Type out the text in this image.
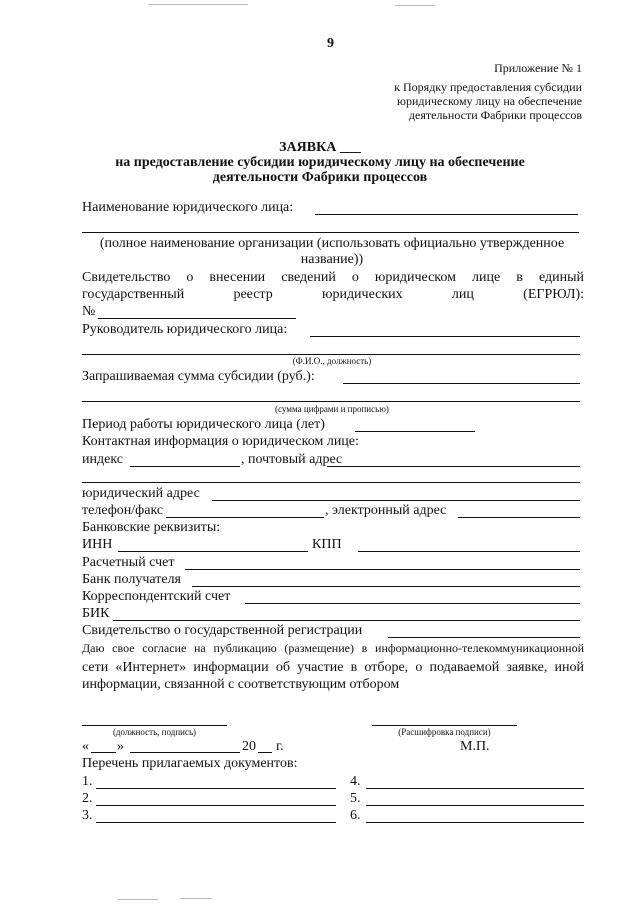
9
Приложение № 1
к Порядку предоставления субсидии
юридическому лицу на обеспечение
деятельности Фабрики процессов
ЗАЯВКА ___
на предоставление субсидии юридическому лицу на обеспечение
деятельности Фабрики процессов
Наименование юридического лица:
(полное наименование организации (использовать официально утвержденное
название))
Свидетельство о внесении сведений о юридическом лице в единый
государственный реестр юридических лиц (ЕГРЮЛ):
№
Руководитель юридического лица:
(Ф.И.О., должность)
Запрашиваемая сумма субсидии (руб.):
(сумма цифрами и прописью)
Период работы юридического лица (лет)
Контактная информация о юридическом лице:
индекс	, почтовый адрес
юридический адрес
телефон/факс	, электронный адрес
Банковские реквизиты:
ИНН	КПП
Расчетный счет
Банк получателя
Корреспондентский счет
БИК
Свидетельство о государственной регистрации
Даю свое согласие на публикацию (размещение) в информационно-телекоммуникационной
сети «Интернет» информации об участие в отборе, о подаваемой заявке, иной
информации, связанной с соответствующим отбором
(должность, подпись)	(Расшифровка подписи)
« »	20 г.	М.П.
Перечень прилагаемых документов:
1.
2.
3.
4.
5.
6.
